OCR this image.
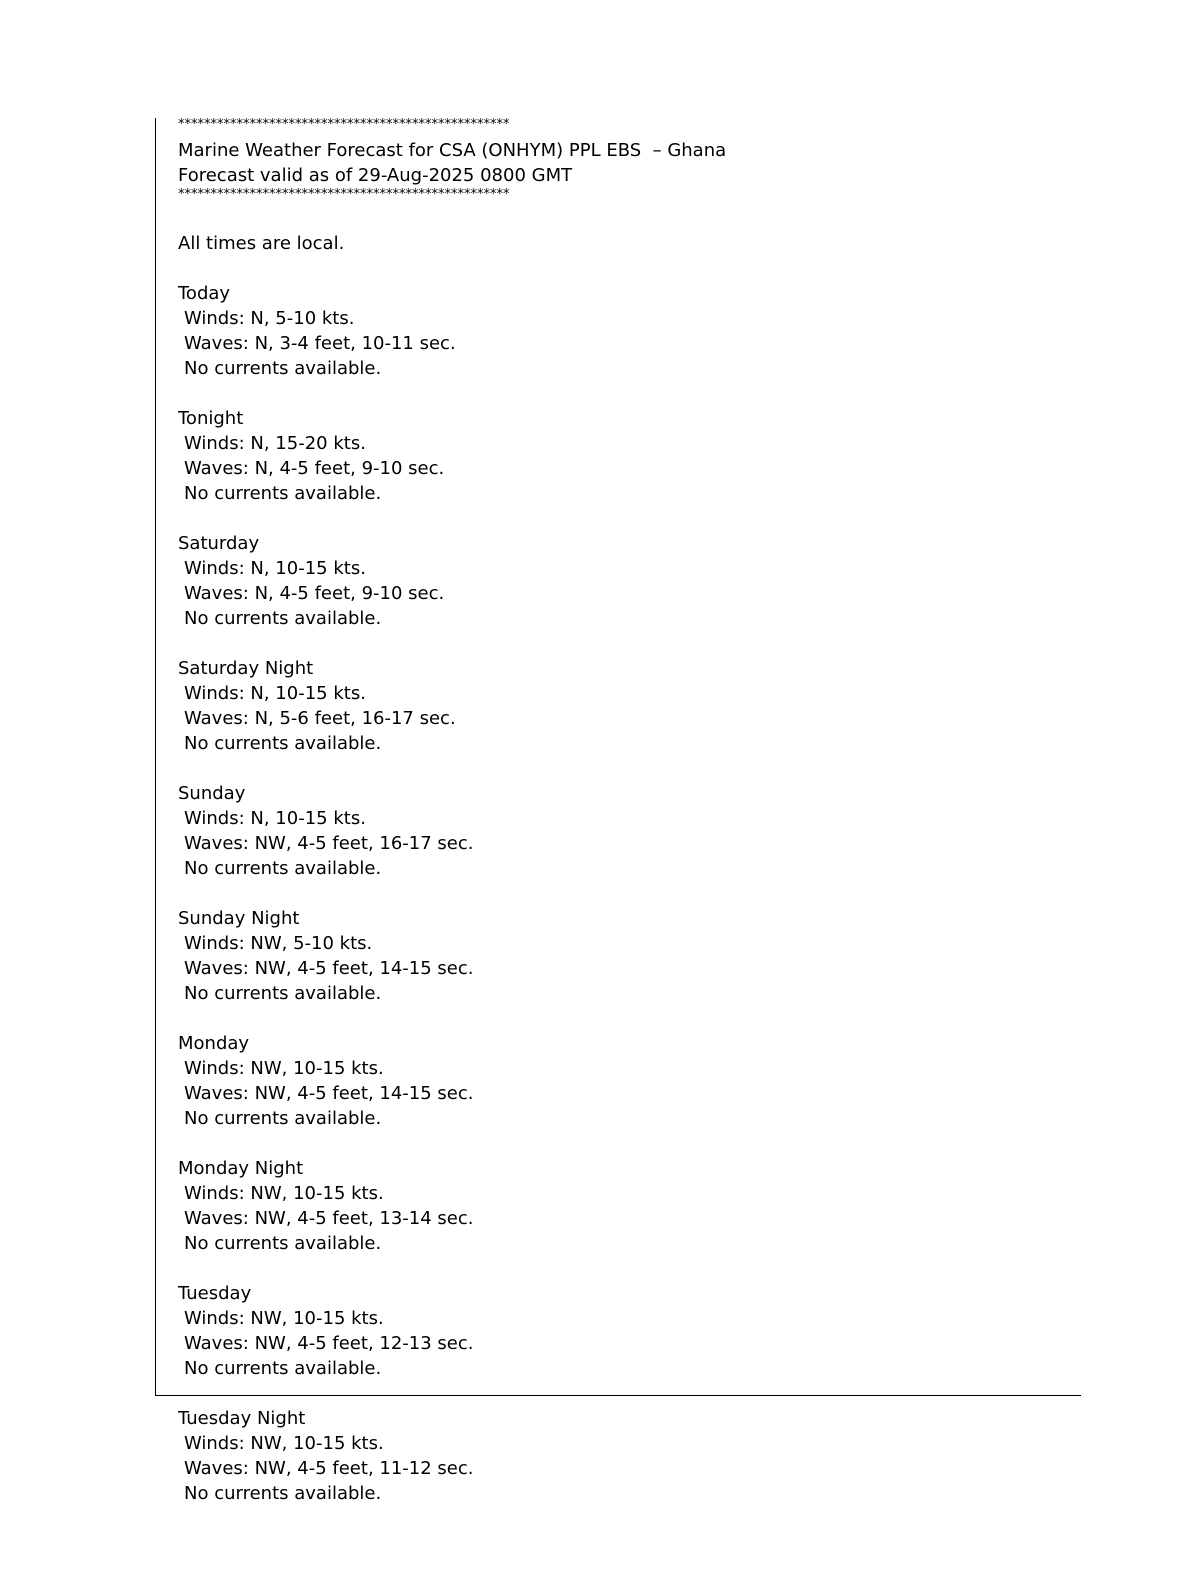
***************************************************
Marine Weather Forecast for CSA (ONHYM) PPL EBS  – Ghana
Forecast valid as of 29-Aug-2025 0800 GMT
***************************************************
All times are local.
Today
Winds: N, 5-10 kts.
Waves: N, 3-4 feet, 10-11 sec.
No currents available.
Tonight
Winds: N, 15-20 kts.
Waves: N, 4-5 feet, 9-10 sec.
No currents available.
Saturday
Winds: N, 10-15 kts.
Waves: N, 4-5 feet, 9-10 sec.
No currents available.
Saturday Night
Winds: N, 10-15 kts.
Waves: N, 5-6 feet, 16-17 sec.
No currents available.
Sunday
Winds: N, 10-15 kts.
Waves: NW, 4-5 feet, 16-17 sec.
No currents available.
Sunday Night
Winds: NW, 5-10 kts.
Waves: NW, 4-5 feet, 14-15 sec.
No currents available.
Monday
Winds: NW, 10-15 kts.
Waves: NW, 4-5 feet, 14-15 sec.
No currents available.
Monday Night
Winds: NW, 10-15 kts.
Waves: NW, 4-5 feet, 13-14 sec.
No currents available.
Tuesday
Winds: NW, 10-15 kts.
Waves: NW, 4-5 feet, 12-13 sec.
No currents available.
Tuesday Night
Winds: NW, 10-15 kts.
Waves: NW, 4-5 feet, 11-12 sec.
No currents available.
